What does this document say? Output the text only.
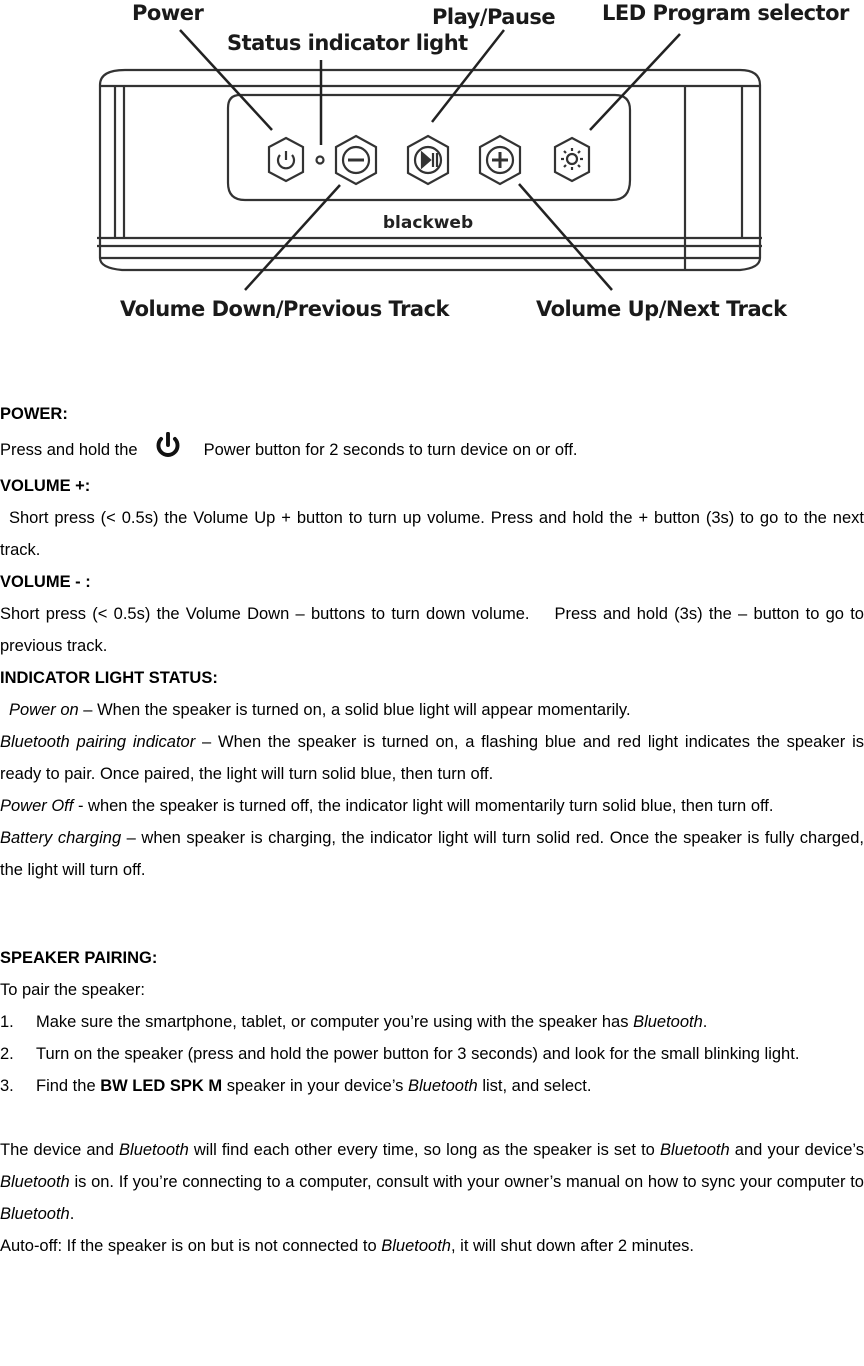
Power
Status indicator light
Play/Pause LED Program selector
Volume Down/Previous Track	Volume Up/Next Track
blackweb

POWER:

Press and hold the	Power button for 2 seconds to turn device on or off.

VOLUME +:

Short press (< 0.5s) the Volume Up + button to turn up volume. Press and hold the + button (3s) to go to the next track.

VOLUME - :

Short press (< 0.5s) the Volume Down – buttons to turn down volume.    Press and hold (3s) the – button to go to previous track.

INDICATOR LIGHT STATUS:

Power on – When the speaker is turned on, a solid blue light will appear momentarily.

Bluetooth pairing indicator – When the speaker is turned on, a flashing blue and red light indicates the speaker is ready to pair. Once paired, the light will turn solid blue, then turn off.

Power Off - when the speaker is turned off, the indicator light will momentarily turn solid blue, then turn off.

Battery charging – when speaker is charging, the indicator light will turn solid red. Once the speaker is fully charged, the light will turn off.

SPEAKER PAIRING:

To pair the speaker:

1. Make sure the smartphone, tablet, or computer you’re using with the speaker has Bluetooth.

2. Turn on the speaker (press and hold the power button for 3 seconds) and look for the small blinking light.

3. Find the BW LED SPK M speaker in your device’s Bluetooth list, and select.

The device and Bluetooth will find each other every time, so long as the speaker is set to Bluetooth and your device’s Bluetooth is on. If you’re connecting to a computer, consult with your owner’s manual on how to sync your computer to Bluetooth.

Auto-off: If the speaker is on but is not connected to Bluetooth, it will shut down after 2 minutes.
